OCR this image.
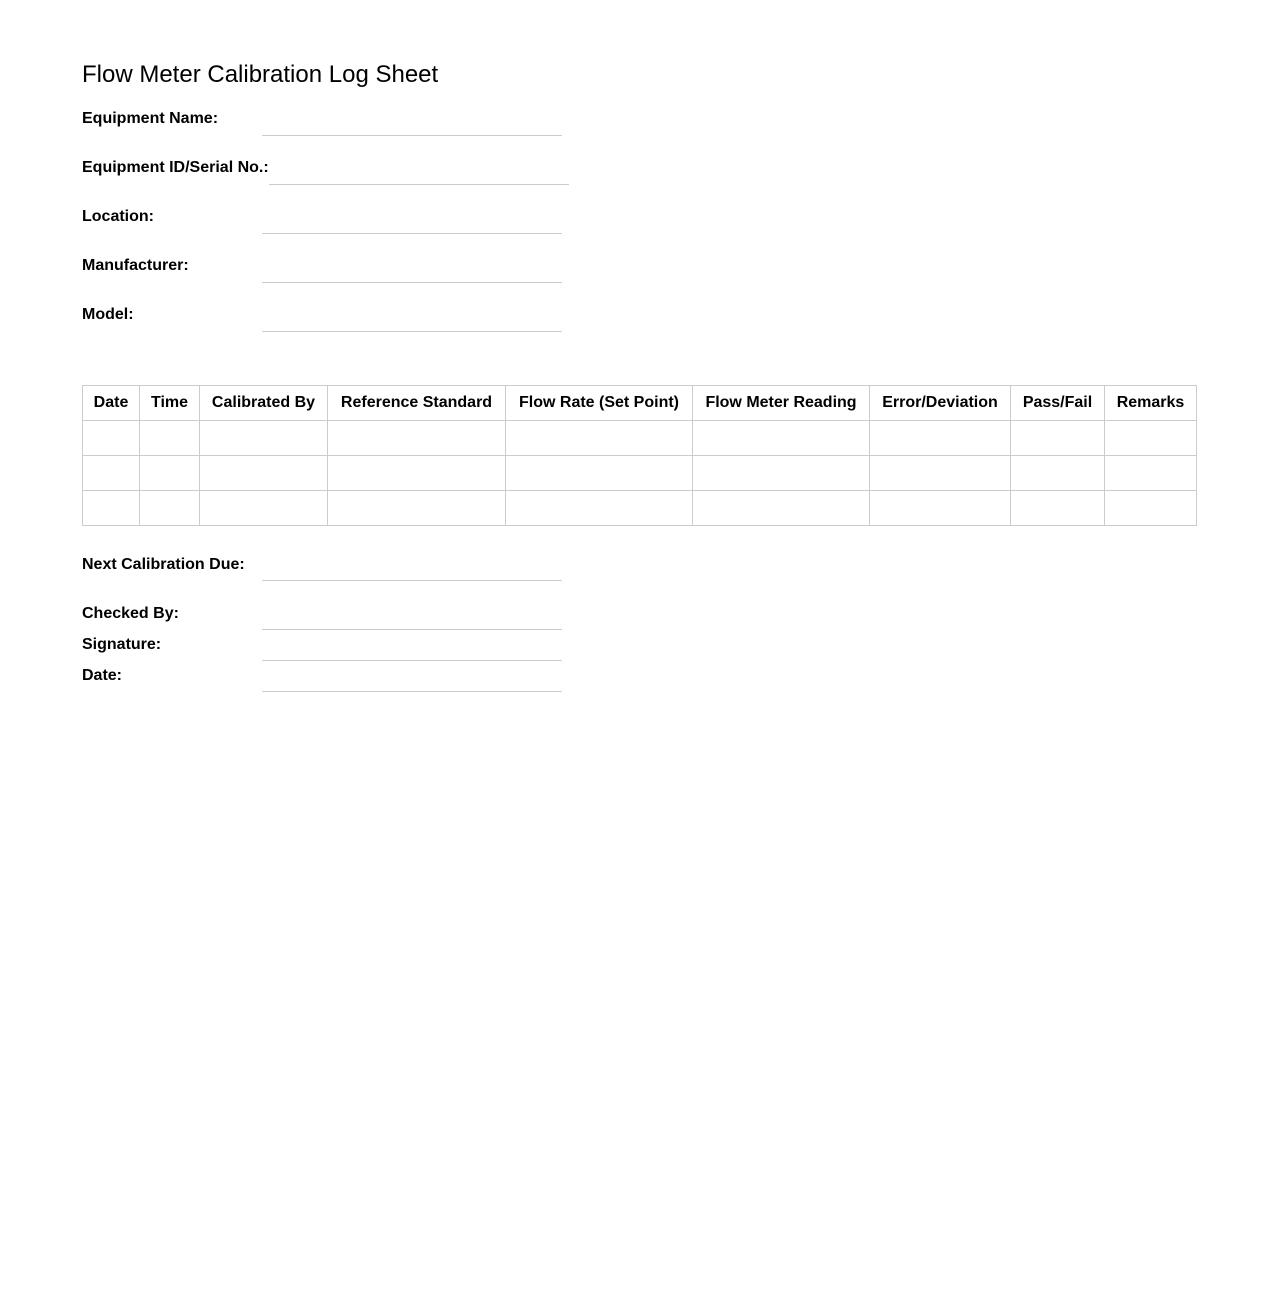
Flow Meter Calibration Log Sheet
Equipment Name:
Equipment ID/Serial No.:
Location:
Manufacturer:
Model:
Date	Time	Calibrated By	Reference Standard	Flow Rate (Set Point)	Flow Meter Reading	Error/Deviation	Pass/Fail	Remarks

Next Calibration Due:
Checked By:
Signature:
Date:
